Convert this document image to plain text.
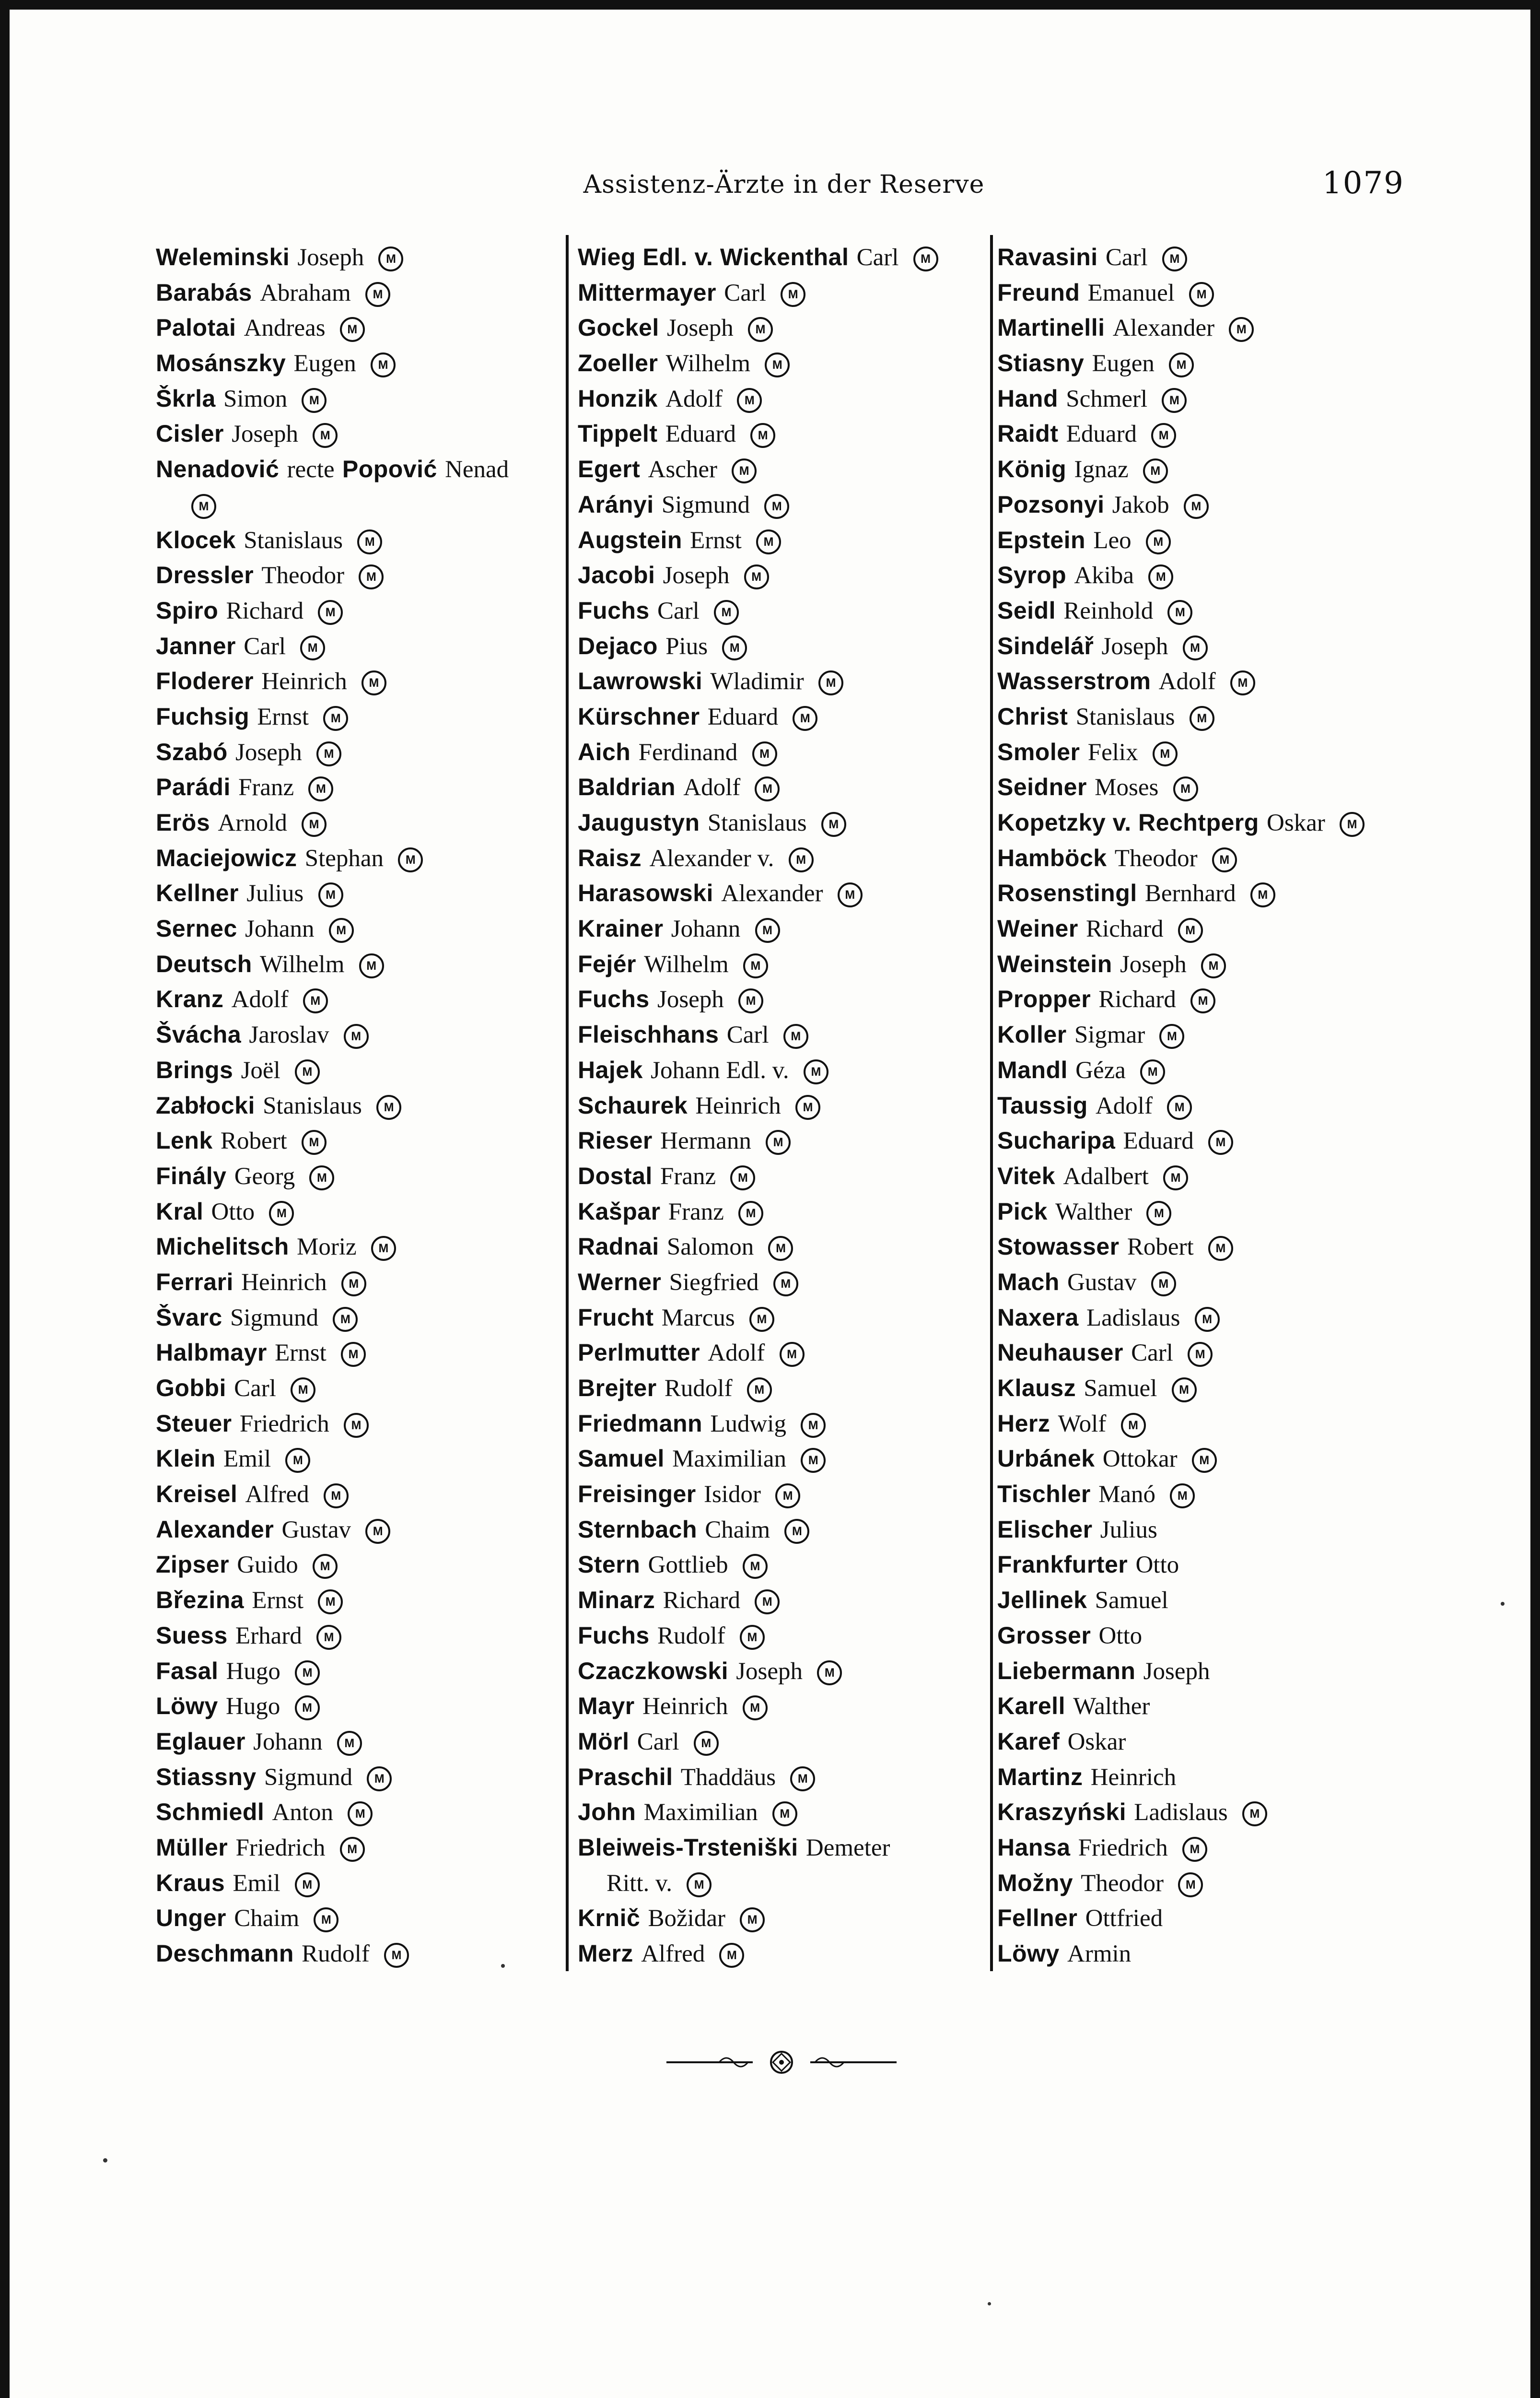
Assistenz-Ärzte in der Reserve	1079
Weleminski Joseph M
Barabás Abraham M
Palotai Andreas M
Mosánszky Eugen M
Škrla Simon M
Cisler Joseph M
Nenadović recte Popović Nenad
M
Klocek Stanislaus M
Dressler Theodor M
Spiro Richard M
Janner Carl M
Floderer Heinrich M
Fuchsig Ernst M
Szabó Joseph M
Parádi Franz M
Erös Arnold M
Maciejowicz Stephan M
Kellner Julius M
Sernec Johann M
Deutsch Wilhelm M
Kranz Adolf M
Švácha Jaroslav M
Brings Joël M
Zabłocki Stanislaus M
Lenk Robert M
Finály Georg M
Kral Otto M
Michelitsch Moriz M
Ferrari Heinrich M
Švarc Sigmund M
Halbmayr Ernst M
Gobbi Carl M
Steuer Friedrich M
Klein Emil M
Kreisel Alfred M
Alexander Gustav M
Zipser Guido M
Březina Ernst M
Suess Erhard M
Fasal Hugo M
Löwy Hugo M
Eglauer Johann M
Stiassny Sigmund M
Schmiedl Anton M
Müller Friedrich M
Kraus Emil M
Unger Chaim M
Deschmann Rudolf M
Wieg Edl. v. Wickenthal Carl M
Mittermayer Carl M
Gockel Joseph M
Zoeller Wilhelm M
Honzik Adolf M
Tippelt Eduard M
Egert Ascher M
Arányi Sigmund M
Augstein Ernst M
Jacobi Joseph M
Fuchs Carl M
Dejaco Pius M
Lawrowski Wladimir M
Kürschner Eduard M
Aich Ferdinand M
Baldrian Adolf M
Jaugustyn Stanislaus M
Raisz Alexander v. M
Harasowski Alexander M
Krainer Johann M
Fejér Wilhelm M
Fuchs Joseph M
Fleischhans Carl M
Hajek Johann Edl. v. M
Schaurek Heinrich M
Rieser Hermann M
Dostal Franz M
Kašpar Franz M
Radnai Salomon M
Werner Siegfried M
Frucht Marcus M
Perlmutter Adolf M
Brejter Rudolf M
Friedmann Ludwig M
Samuel Maximilian M
Freisinger Isidor M
Sternbach Chaim M
Stern Gottlieb M
Minarz Richard M
Fuchs Rudolf M
Czaczkowski Joseph M
Mayr Heinrich M
Mörl Carl M
Praschil Thaddäus M
John Maximilian M
Bleiweis-Trsteniški Demeter
Ritt. v. M
Krnič Božidar M
Merz Alfred M
Ravasini Carl M
Freund Emanuel M
Martinelli Alexander M
Stiasny Eugen M
Hand Schmerl M
Raidt Eduard M
König Ignaz M
Pozsonyi Jakob M
Epstein Leo M
Syrop Akiba M
Seidl Reinhold M
Sindelář Joseph M
Wasserstrom Adolf M
Christ Stanislaus M
Smoler Felix M
Seidner Moses M
Kopetzky v. Rechtperg Oskar M
Hamböck Theodor M
Rosenstingl Bernhard M
Weiner Richard M
Weinstein Joseph M
Propper Richard M
Koller Sigmar M
Mandl Géza M
Taussig Adolf M
Sucharipa Eduard M
Vitek Adalbert M
Pick Walther M
Stowasser Robert M
Mach Gustav M
Naxera Ladislaus M
Neuhauser Carl M
Klausz Samuel M
Herz Wolf M
Urbánek Ottokar M
Tischler Manó M
Elischer Julius
Frankfurter Otto
Jellinek Samuel
Grosser Otto
Liebermann Joseph
Karell Walther
Karef Oskar
Martinz Heinrich
Kraszyński Ladislaus M
Hansa Friedrich M
Možny Theodor M
Fellner Ottfried
Löwy Armin
